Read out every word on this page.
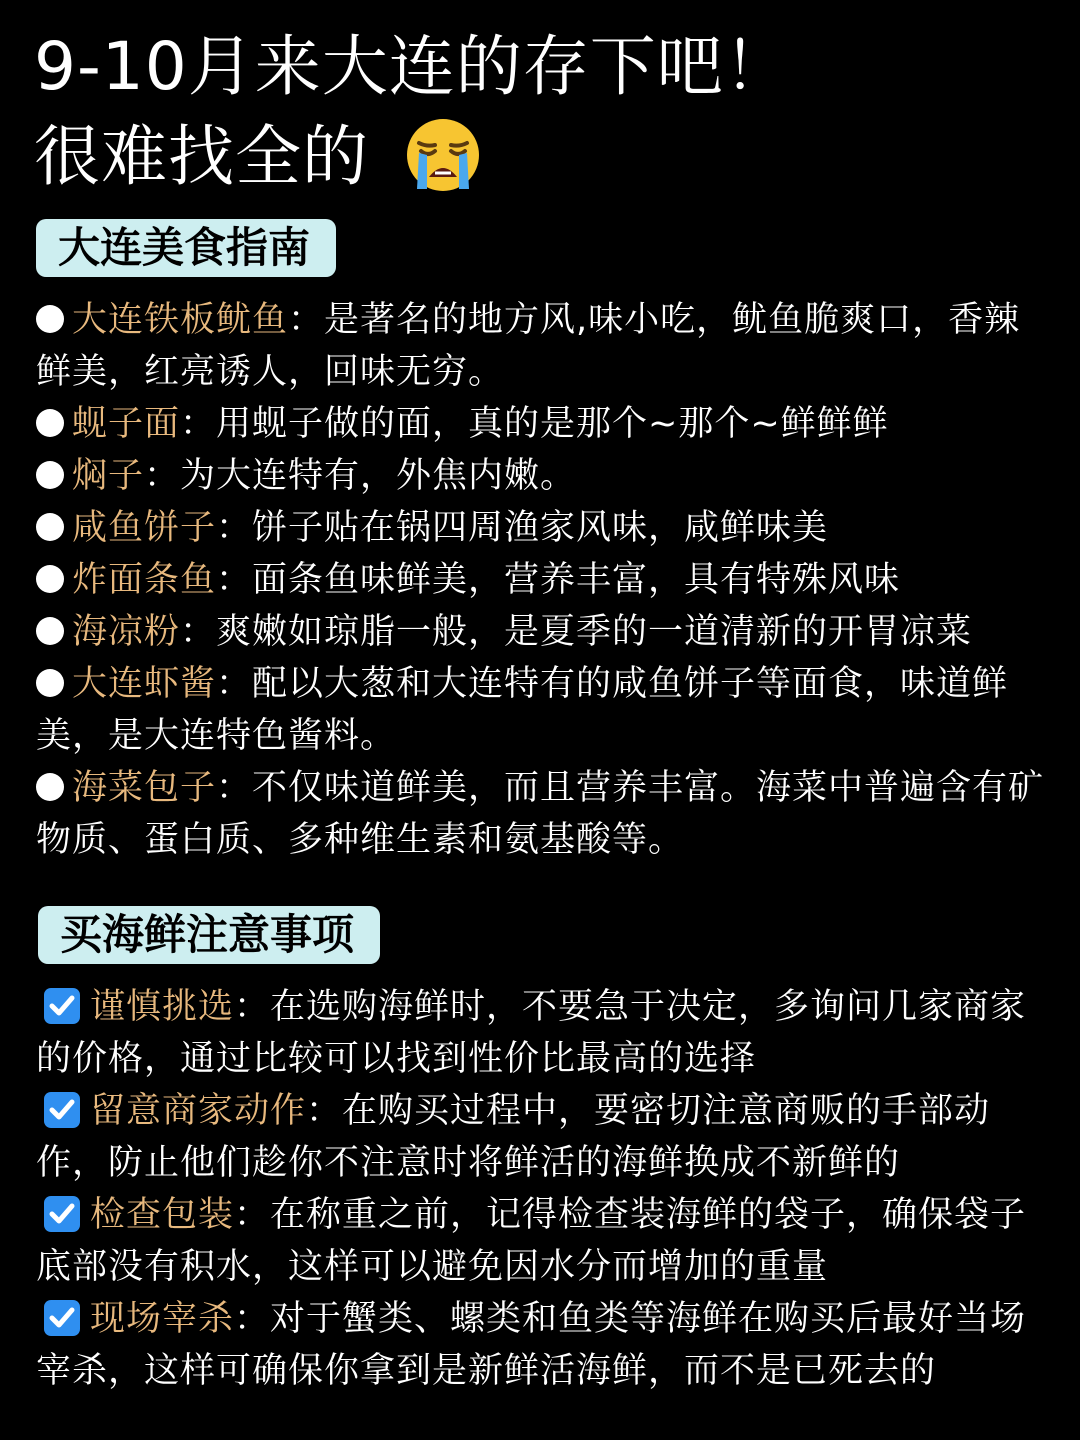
9-10月来大连的存下吧！
很难找全的
大连美食指南

大连铁板鱿鱼：是著名的地方风,味小吃，鱿鱼脆爽口，香辣鲜美，红亮诱人，回味无穷。

蚬子面：用蚬子做的面，真的是那个~那个~鲜鲜鲜

焖子：为大连特有，外焦内嫩。

咸鱼饼子：饼子贴在锅四周渔家风味，咸鲜味美

炸面条鱼：面条鱼味鲜美，营养丰富，具有特殊风味

海凉粉：爽嫩如琼脂一般，是夏季的一道清新的开胃凉菜

大连虾酱：配以大葱和大连特有的咸鱼饼子等面食，味道鲜美，是大连特色酱料。

海菜包子：不仅味道鲜美，而且营养丰富。海菜中普遍含有矿物质、蛋白质、多种维生素和氨基酸等。

买海鲜注意事项

谨慎挑选：在选购海鲜时，不要急于决定，多询问几家商家的价格，通过比较可以找到性价比最高的选择

留意商家动作：在购买过程中，要密切注意商贩的手部动作，防止他们趁你不注意时将鲜活的海鲜换成不新鲜的

检查包装：在称重之前，记得检查装海鲜的袋子，确保袋子底部没有积水，这样可以避免因水分而增加的重量

现场宰杀：对于蟹类、螺类和鱼类等海鲜在购买后最好当场宰杀，这样可确保你拿到是新鲜活海鲜，而不是已死去的
